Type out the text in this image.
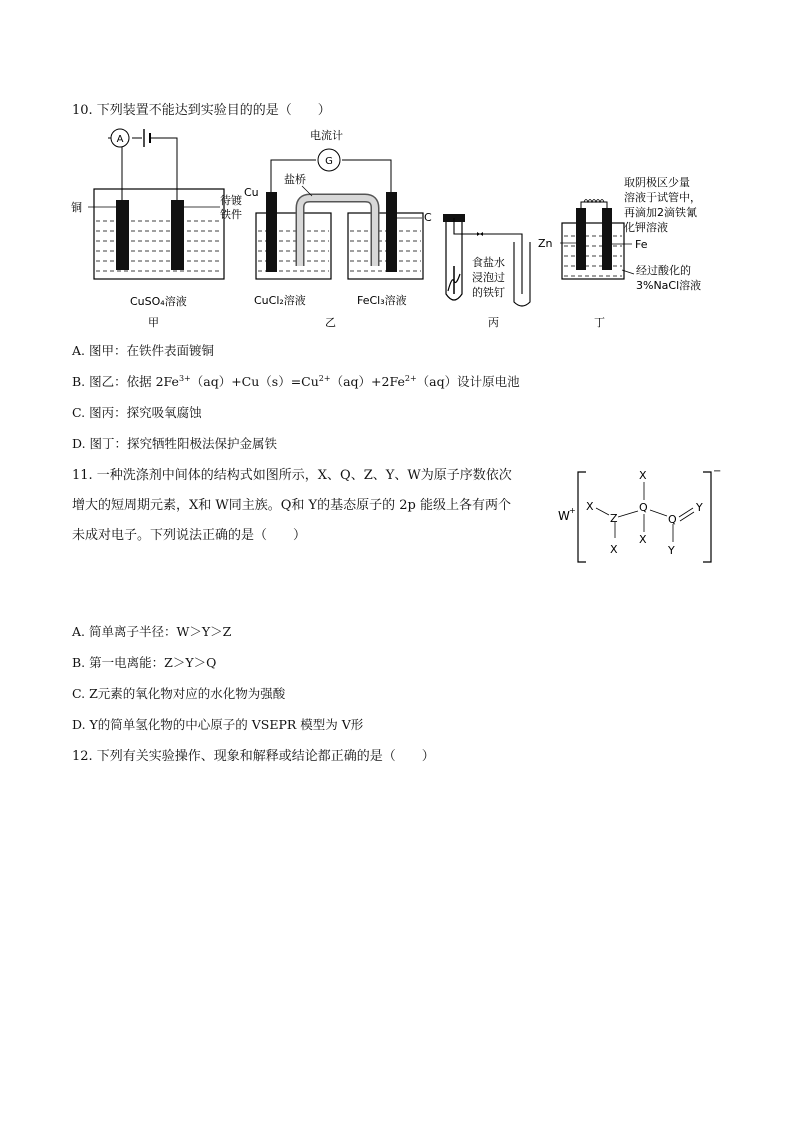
10. 下列装置不能达到实验目的的是（　　）
A
铜
待镀
铁件
CuSO₄溶液
甲
G
电流计
盐桥
Cu
C
CuCl₂溶液	FeCl₃溶液
乙
食盐水
浸泡过
的铁钉
丙
Zn	Fe
取阴极区少量
溶液于试管中，
再滴加2滴铁氰
化钾溶液
经过酸化的
3%NaCl溶液
丁
A. 图甲：在铁件表面镀铜
B. 图乙：依据 $2Fe^{3+}(aq)+Cu(s)=Cu^{2+}(aq)+2Fe^{2+}(aq)$设计原电池
C. 图丙：探究吸氧腐蚀
D. 图丁：探究牺牲阳极法保护金属铁
11. 一种洗涤剂中间体的结构式如图所示，X、Q、Z、Y、W为原子序数依次
增大的短周期元素，X和 W同主族。Q和 Y的基态原子的 2p 能级上各有两个
未成对电子。下列说法正确的是（　　）
W +
−
X
Z
X
Q
X
X
Q
Y
Y
A. 简单离子半径：W＞Y＞Z
B. 第一电离能：Z＞Y＞Q
C. Z元素的氧化物对应的水化物为强酸
D. Y的简单氢化物的中心原子的 VSEPR 模型为 V形
12. 下列有关实验操作、现象和解释或结论都正确的是（　　）
